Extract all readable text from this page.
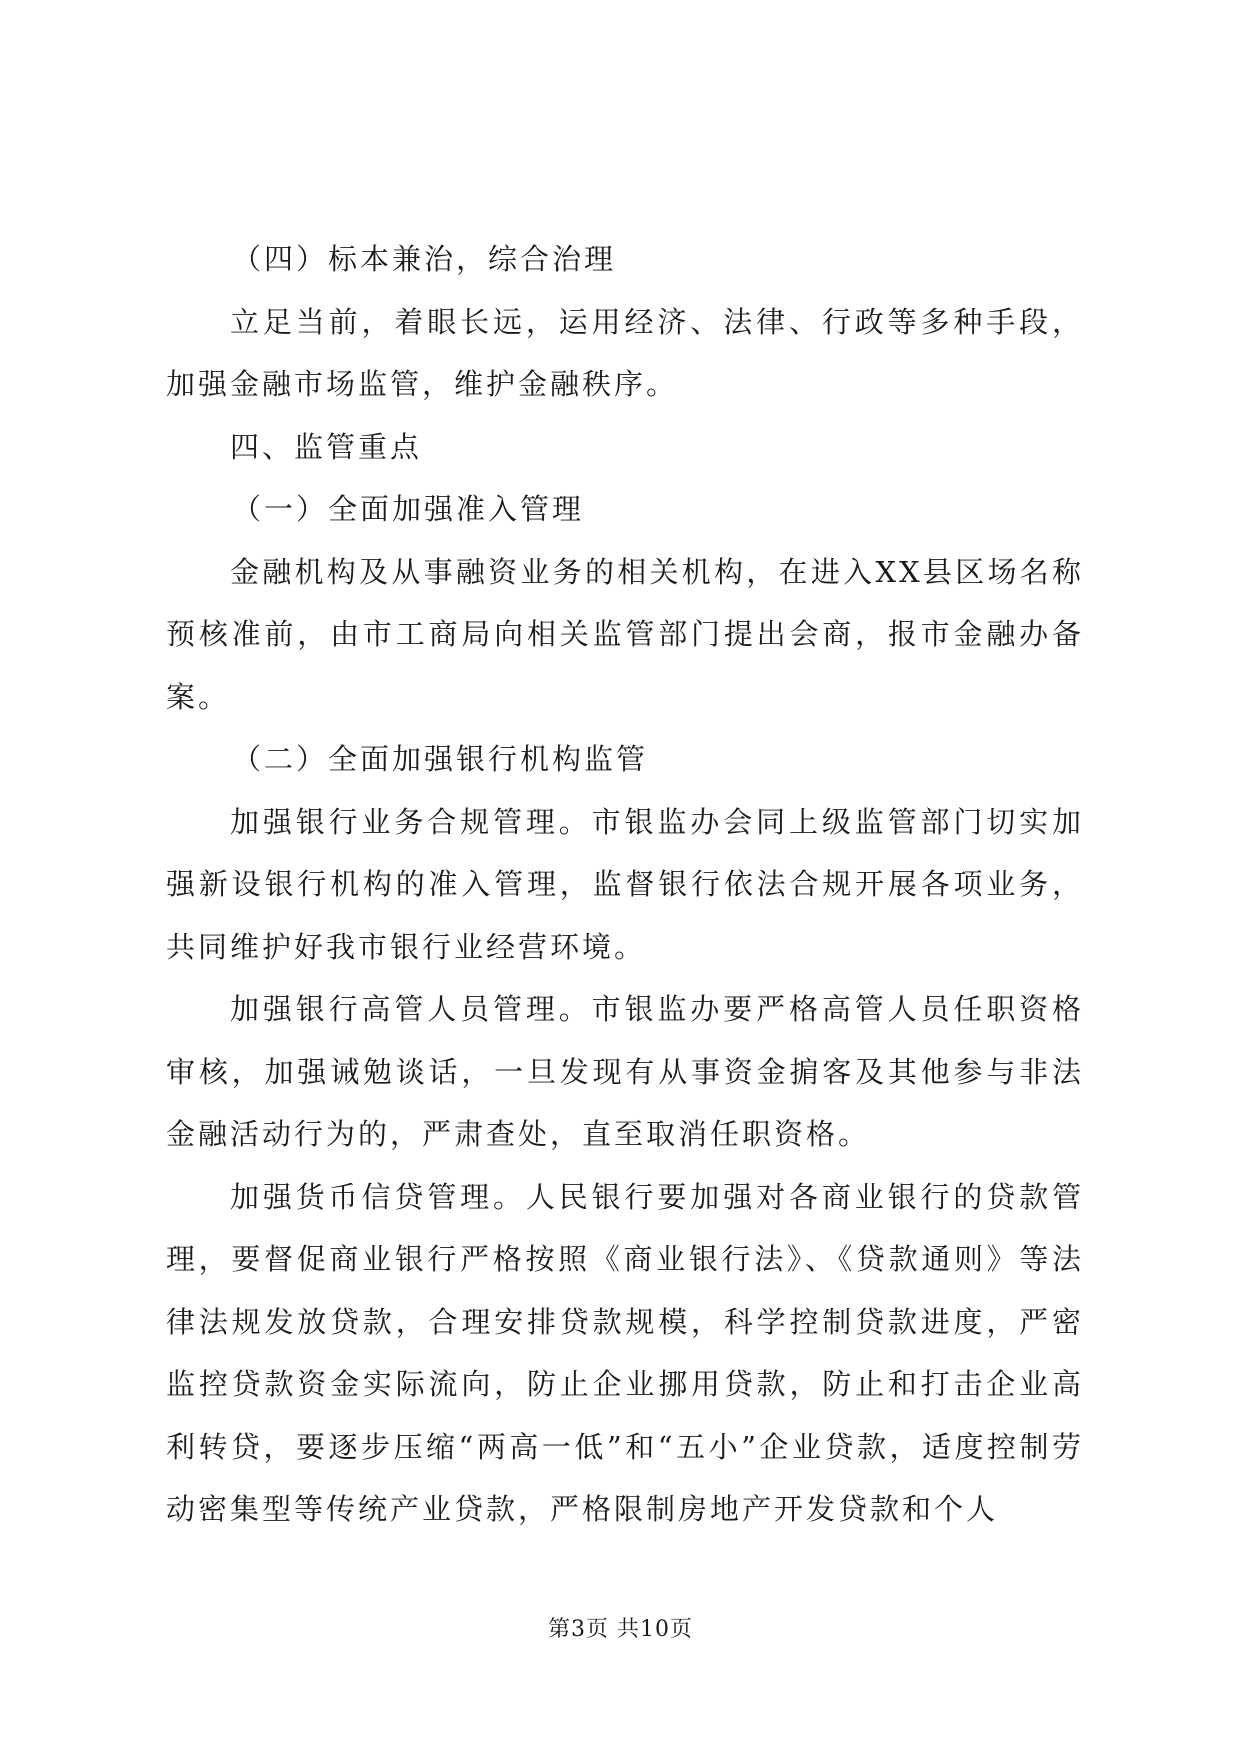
（四）标本兼治，综合治理

立足当前，着眼长远，运用经济、法律、行政等多种手段，加强金融市场监管，维护金融秩序。

四、监管重点

（一）全面加强准入管理

金融机构及从事融资业务的相关机构，在进入XX县区场名称预核准前，由市工商局向相关监管部门提出会商，报市金融办备案。

（二）全面加强银行机构监管

加强银行业务合规管理。市银监办会同上级监管部门切实加强新设银行机构的准入管理，监督银行依法合规开展各项业务，共同维护好我市银行业经营环境。

加强银行高管人员管理。市银监办要严格高管人员任职资格审核，加强诫勉谈话，一旦发现有从事资金掮客及其他参与非法金融活动行为的，严肃查处，直至取消任职资格。

加强货币信贷管理。人民银行要加强对各商业银行的贷款管理，要督促商业银行严格按照《商业银行法》、《贷款通则》等法律法规发放贷款，合理安排贷款规模，科学控制贷款进度，严密监控贷款资金实际流向，防止企业挪用贷款，防止和打击企业高利转贷，要逐步压缩“两高一低”和“五小”企业贷款，适度控制劳动密集型等传统产业贷款，严格限制房地产开发贷款和个人

第3页 共10页
